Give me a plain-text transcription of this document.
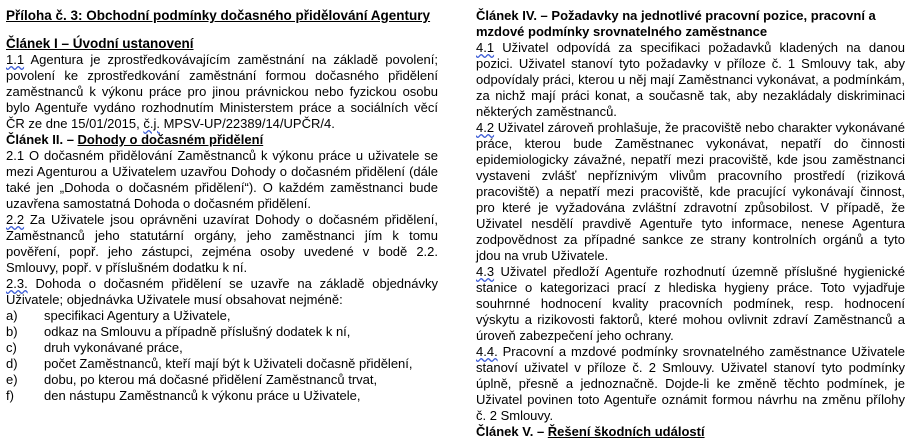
Příloha č. 3: Obchodní podmínky dočasného přidělování Agentury
Článek I – Úvodní ustanovení
1.1 Agentura je zprostředkovávajícím zaměstnání na základě povolení; povolení ke zprostředkování zaměstnání formou dočasného přidělení zaměstnanců k výkonu práce pro jinou právnickou nebo fyzickou osobu bylo Agentuře vydáno rozhodnutím Ministerstem práce a sociálních věcí ČR ze dne 15/01/2015, č.j. MPSV-UP/22389/14/UPČR/4.
Článek II. – Dohody o dočasném přidělení
2.1 O dočasném přidělování Zaměstnanců k výkonu práce u uživatele se mezi Agenturou a Uživatelem uzavřou Dohody o dočasném přidělení (dále také jen „Dohoda o dočasném přidělení“). O každém zaměstnanci bude uzavřena samostatná Dohoda o dočasném přidělení.
2.2 Za Uživatele jsou oprávněni uzavírat Dohody o dočasném přidělení, Zaměstnanců jeho statutární orgány, jeho zaměstnanci jím k tomu pověření, popř. jeho zástupci, zejména osoby uvedené v bodě 2.2. Smlouvy, popř. v příslušném dodatku k ní.
2.3. Dohoda o dočasném přidělení se uzavře na základě objednávky Uživatele; objednávka Uživatele musí obsahovat nejméně:
a)	specifikaci Agentury a Uživatele,
b)	odkaz na Smlouvu a případně příslušný dodatek k ní,
c)	druh vykonávané práce,
d)	počet Zaměstnanců, kteří mají být k Uživateli dočasně přidělení,
e)	dobu, po kterou má dočasné přidělení Zaměstnanců trvat,
f)	den nástupu Zaměstnanců k výkonu práce u Uživatele,
Článek IV. – Požadavky na jednotlivé pracovní pozice, pracovní a mzdové podmínky srovnatelného zaměstnance
4.1 Uživatel odpovídá za specifikaci požadavků kladených na danou pozici. Uživatel stanoví tyto požadavky v příloze č. 1 Smlouvy tak, aby odpovídaly práci, kterou u něj mají Zaměstnanci vykonávat, a podmínkám, za nichž mají práci konat, a současně tak, aby nezakládaly diskriminaci některých zaměstnanců.
4.2 Uživatel zároveň prohlašuje, že pracoviště nebo charakter vykonávané práce, kterou bude Zaměstnanec vykonávat, nepatří do činnosti epidemiologicky závažné, nepatří mezi pracoviště, kde jsou zaměstnanci vystaveni zvlášť nepříznivým vlivům pracovního prostředí (riziková pracoviště) a nepatří mezi pracoviště, kde pracující vykonávají činnost, pro které je vyžadována zvláštní zdravotní způsobilost. V případě, že Uživatel nesdělí pravdivě Agentuře tyto informace, nenese Agentura zodpovědnost za případné sankce ze strany kontrolních orgánů a tyto jdou na vrub Uživatele.
4.3 Uživatel předloží Agentuře rozhodnutí územně příslušné hygienické stanice o kategorizaci prací z hlediska hygieny práce. Toto vyjadřuje souhrnné hodnocení kvality pracovních podmínek, resp. hodnocení výskytu a rizikovosti faktorů, které mohou ovlivnit zdraví Zaměstnanců a úroveň zabezpečení jeho ochrany.
4.4. Pracovní a mzdové podmínky srovnatelného zaměstnance Uživatele stanoví uživatel v příloze č. 2 Smlouvy. Uživatel stanoví tyto podmínky úplně, přesně a jednoznačně. Dojde-li ke změně těchto podmínek, je Uživatel povinen toto Agentuře oznámit formou návrhu na změnu přílohy č. 2 Smlouvy.
Článek V. – Řešení škodních událostí
